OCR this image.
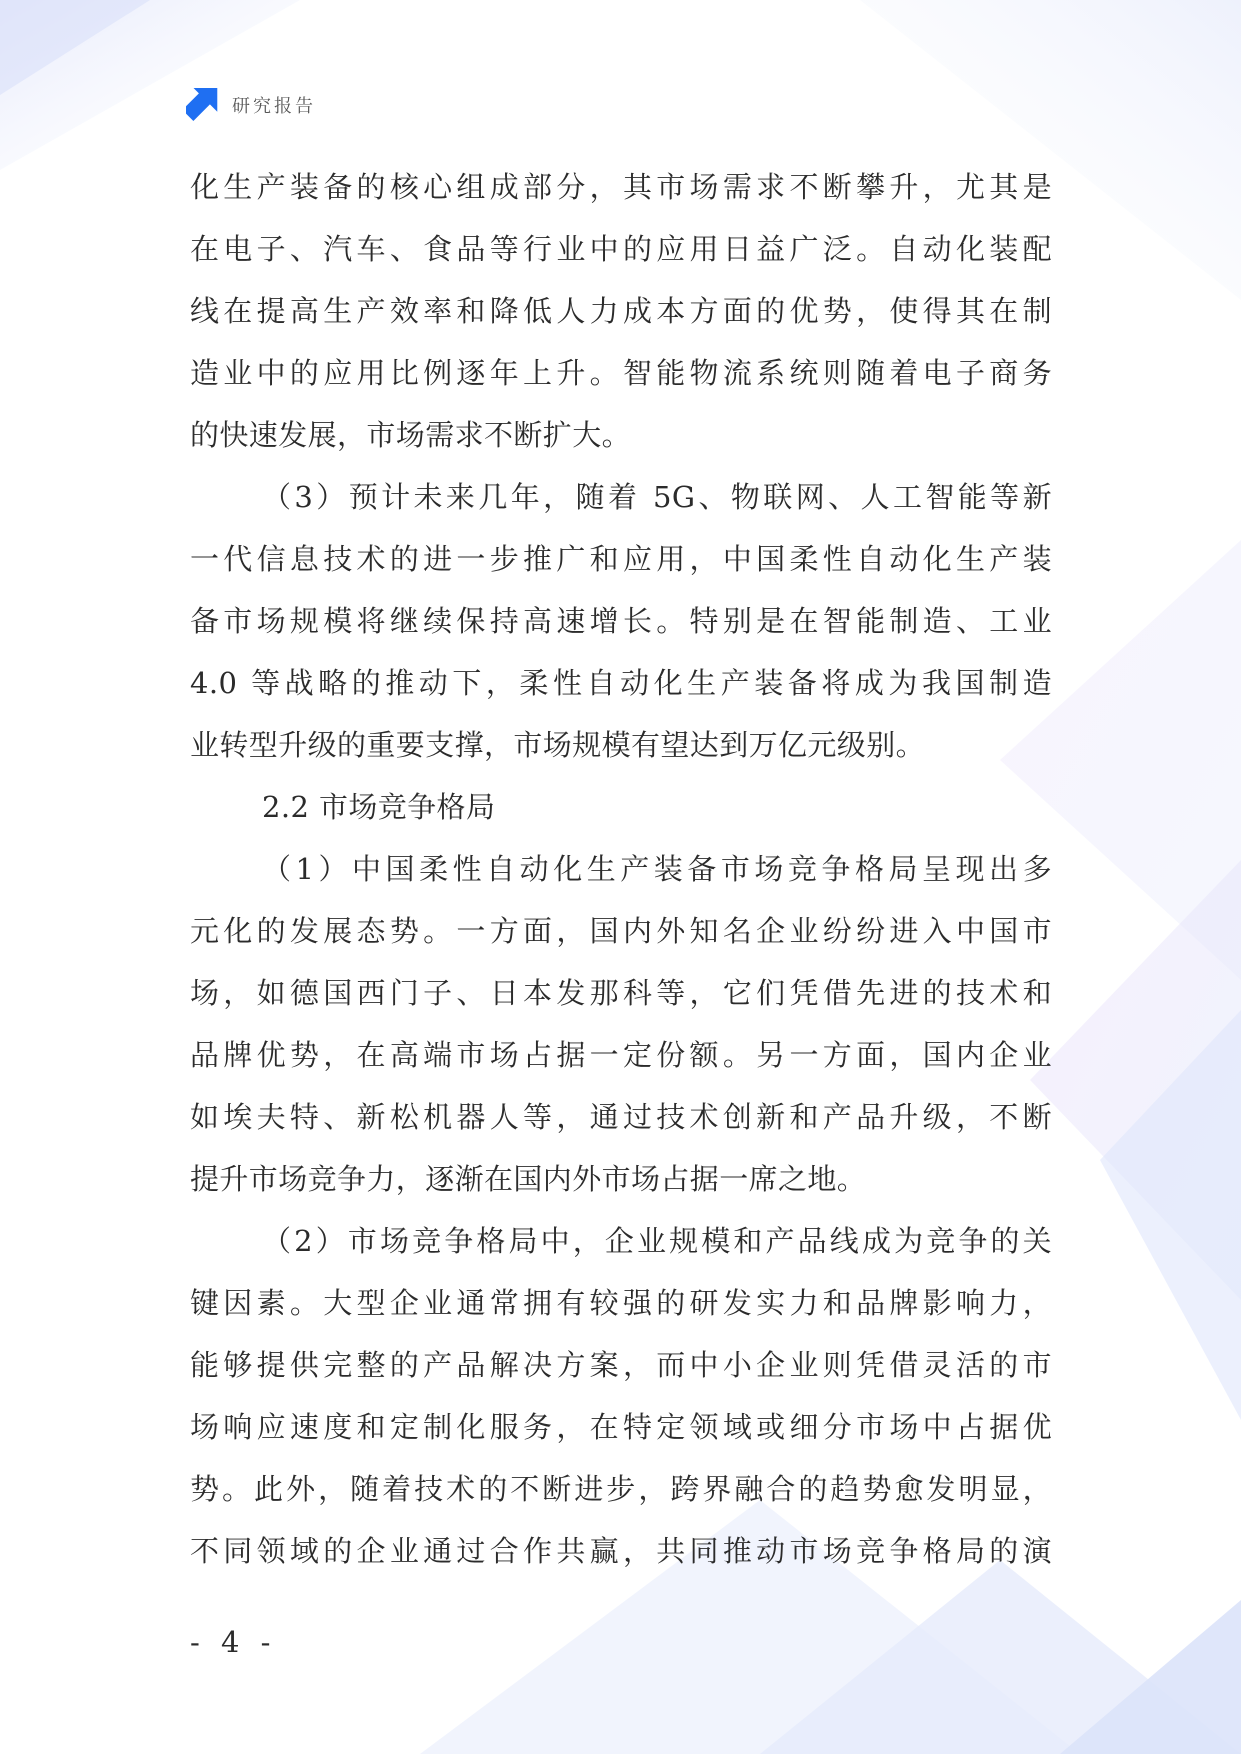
研究报告
化生产装备的核心组成部分，其市场需求不断攀升，尤其是
在电子、汽车、食品等行业中的应用日益广泛。自动化装配
线在提高生产效率和降低人力成本方面的优势，使得其在制
造业中的应用比例逐年上升。智能物流系统则随着电子商务
的快速发展，市场需求不断扩大。
（3）预计未来几年，随着 5G、物联网、人工智能等新
一代信息技术的进一步推广和应用，中国柔性自动化生产装
备市场规模将继续保持高速增长。特别是在智能制造、工业
4.0 等战略的推动下，柔性自动化生产装备将成为我国制造
业转型升级的重要支撑，市场规模有望达到万亿元级别。
2.2 市场竞争格局
（1）中国柔性自动化生产装备市场竞争格局呈现出多
元化的发展态势。一方面，国内外知名企业纷纷进入中国市
场，如德国西门子、日本发那科等，它们凭借先进的技术和
品牌优势，在高端市场占据一定份额。另一方面，国内企业
如埃夫特、新松机器人等，通过技术创新和产品升级，不断
提升市场竞争力，逐渐在国内外市场占据一席之地。
（2）市场竞争格局中，企业规模和产品线成为竞争的关
键因素。大型企业通常拥有较强的研发实力和品牌影响力，
能够提供完整的产品解决方案，而中小企业则凭借灵活的市
场响应速度和定制化服务，在特定领域或细分市场中占据优
势。此外，随着技术的不断进步，跨界融合的趋势愈发明显，
不同领域的企业通过合作共赢，共同推动市场竞争格局的演
- 4 -
